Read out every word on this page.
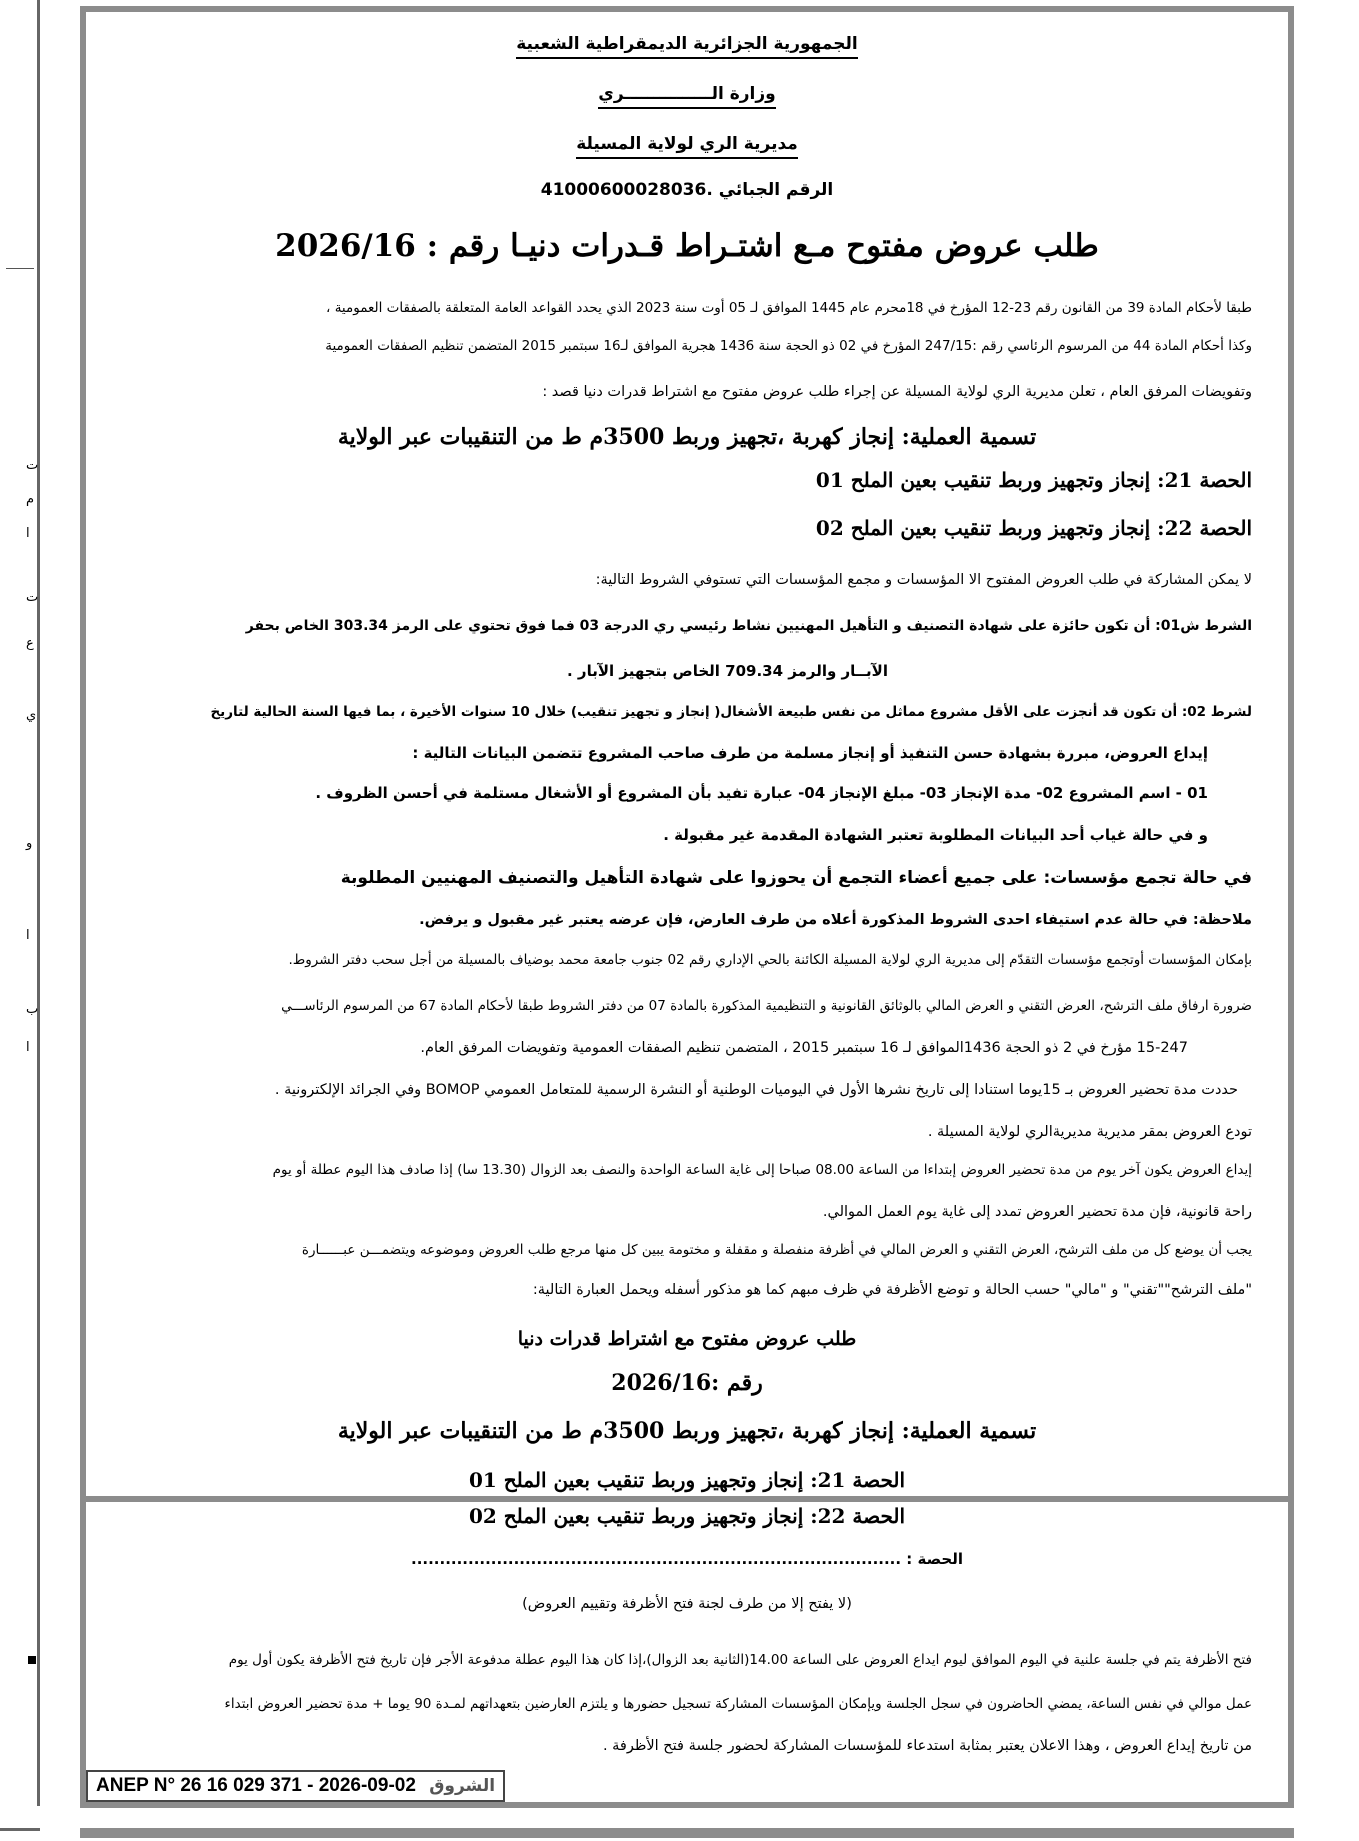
ت
م
ا
ت
ع
ي
و
ا
ب
ا
الجمهورية الجزائرية الديمقراطية الشعبية
وزارة الـــــــــــــــري
مديرية الري لولاية المسيلة
الرقم الجبائي .41000600028036
طلب عروض مفتوح مـع اشتـراط قـدرات دنيـا رقم : 2026/16
طبقا لأحكام المادة 39 من القانون رقم 23-12 المؤرخ في 18محرم عام 1445 الموافق لـ 05 أوت سنة 2023 الذي يحدد القواعد العامة المتعلقة بالصفقات العمومية ،
وكذا أحكام المادة 44 من المرسوم الرئاسي رقم :247/15 المؤرخ في 02 ذو الحجة سنة 1436 هجرية الموافق لـ16 سبتمبر 2015 المتضمن تنظيم الصفقات العمومية
وتفويضات المرفق العام ، تعلن مديرية الري لولاية المسيلة عن إجراء طلب عروض مفتوح مع اشتراط قدرات دنيا قصد :
تسمية العملية: إنجاز كهربة ،تجهيز وربط 3500م ط من التنقيبات عبر الولاية
الحصة 21: إنجاز وتجهيز وربط تنقيب بعين الملح 01
الحصة 22: إنجاز وتجهيز وربط تنقيب بعين الملح 02
لا يمكن المشاركة في طلب العروض المفتوح الا المؤسسات و مجمع المؤسسات التي تستوفي الشروط التالية:
الشرط ش01: أن تكون حائزة على شهادة التصنيف و التأهيل المهنيين نشاط رئيسي ري الدرجة 03 فما فوق تحتوي على الرمز 303.34 الخاص بحفر
الآبــار والرمز 709.34 الخاص بتجهيز الآبار .
لشرط 02: أن تكون قد أنجزت على الأقل مشروع مماثل من نفس طبيعة الأشغال( إنجاز و تجهيز تنقيب) خلال 10 سنوات الأخيرة ، بما فيها السنة الحالية لتاريخ
إيداع العروض، مبررة بشهادة حسن التنفيذ أو إنجاز مسلمة من طرف صاحب المشروع تتضمن البيانات التالية :
01 - اسم المشروع 02- مدة الإنجاز 03- مبلغ الإنجاز 04- عبارة تفيد بأن المشروع أو الأشغال مستلمة في أحسن الظروف .
و في حالة غياب أحد البيانات المطلوبة تعتبر الشهادة المقدمة غير مقبولة .
في حالة تجمع مؤسسات: على جميع أعضاء التجمع أن يحوزوا على شهادة التأهيل والتصنيف المهنيين المطلوبة
ملاحظة: في حالة عدم استيفاء احدى الشروط المذكورة أعلاه من طرف العارض، فإن عرضه يعتبر غير مقبول و يرفض.
بإمكان المؤسسات أوتجمع مؤسسات التقدّم إلى مديرية الري لولاية المسيلة الكائنة بالحي الإداري رقم 02 جنوب جامعة محمد بوضياف بالمسيلة من أجل سحب دفتر الشروط.
ضرورة ارفاق ملف الترشح، العرض التقني و العرض المالي بالوثائق القانونية و التنظيمية المذكورة بالمادة 07 من دفتر الشروط طبقا لأحكام المادة 67 من المرسوم الرئاســـي
15-247 مؤرخ في 2 ذو الحجة 1436الموافق لـ 16 سبتمبر 2015 ، المتضمن تنظيم الصفقات العمومية وتفويضات المرفق العام.
حددت مدة تحضير العروض بـ 15يوما استنادا إلى تاريخ نشرها الأول في اليوميات الوطنية أو النشرة الرسمية للمتعامل العمومي BOMOP وفي الجرائد الإلكترونية .
تودع العروض بمقر مديرية مديريةالري لولاية المسيلة .
إيداع العروض يكون آخر يوم من مدة تحضير العروض إبتداءا من الساعة 08.00 صباحا إلى غاية الساعة الواحدة والنصف بعد الزوال (13.30 سا) إذا صادف هذا اليوم عطلة أو يوم
راحة قانونية، فإن مدة تحضير العروض تمدد إلى غاية يوم العمل الموالي.
يجب أن يوضع كل من ملف الترشح، العرض التقني و العرض المالي في أظرفة منفصلة و مقفلة و مختومة يبين كل منها مرجع طلب العروض وموضوعه ويتضمـــن عبــــــارة
"ملف الترشح""تقني" و "مالي" حسب الحالة و توضع الأظرفة في ظرف مبهم كما هو مذكور أسفله ويحمل العبارة التالية:
طلب عروض مفتوح مع اشتراط قدرات دنيا
رقم :2026/16
تسمية العملية: إنجاز كهربة ،تجهيز وربط 3500م ط من التنقيبات عبر الولاية
الحصة 21: إنجاز وتجهيز وربط تنقيب بعين الملح 01
الحصة 22: إنجاز وتجهيز وربط تنقيب بعين الملح 02
الحصة : ......................................................................................
(لا يفتح إلا من طرف لجنة فتح الأظرفة وتقييم العروض)
فتح الأظرفة يتم في جلسة علنية في اليوم الموافق ليوم ايداع العروض على الساعة 14.00(الثانية بعد الزوال)،إذا كان هذا اليوم عطلة مدفوعة الأجر فإن تاريخ فتح الأظرفة يكون أول يوم
عمل موالي في نفس الساعة، يمضي الحاضرون في سجل الجلسة ويإمكان المؤسسات المشاركة تسجيل حضورها و يلتزم العارضين بتعهداتهم لمـدة 90 يوما + مدة تحضير العروض ابتداء
من تاريخ إيداع العروض ، وهذا الاعلان يعتبر بمثابة استدعاء للمؤسسات المشاركة لحضور جلسة فتح الأظرفة .
ANEP N° 26 16 029 371 - 2026-09-02 الشروق
